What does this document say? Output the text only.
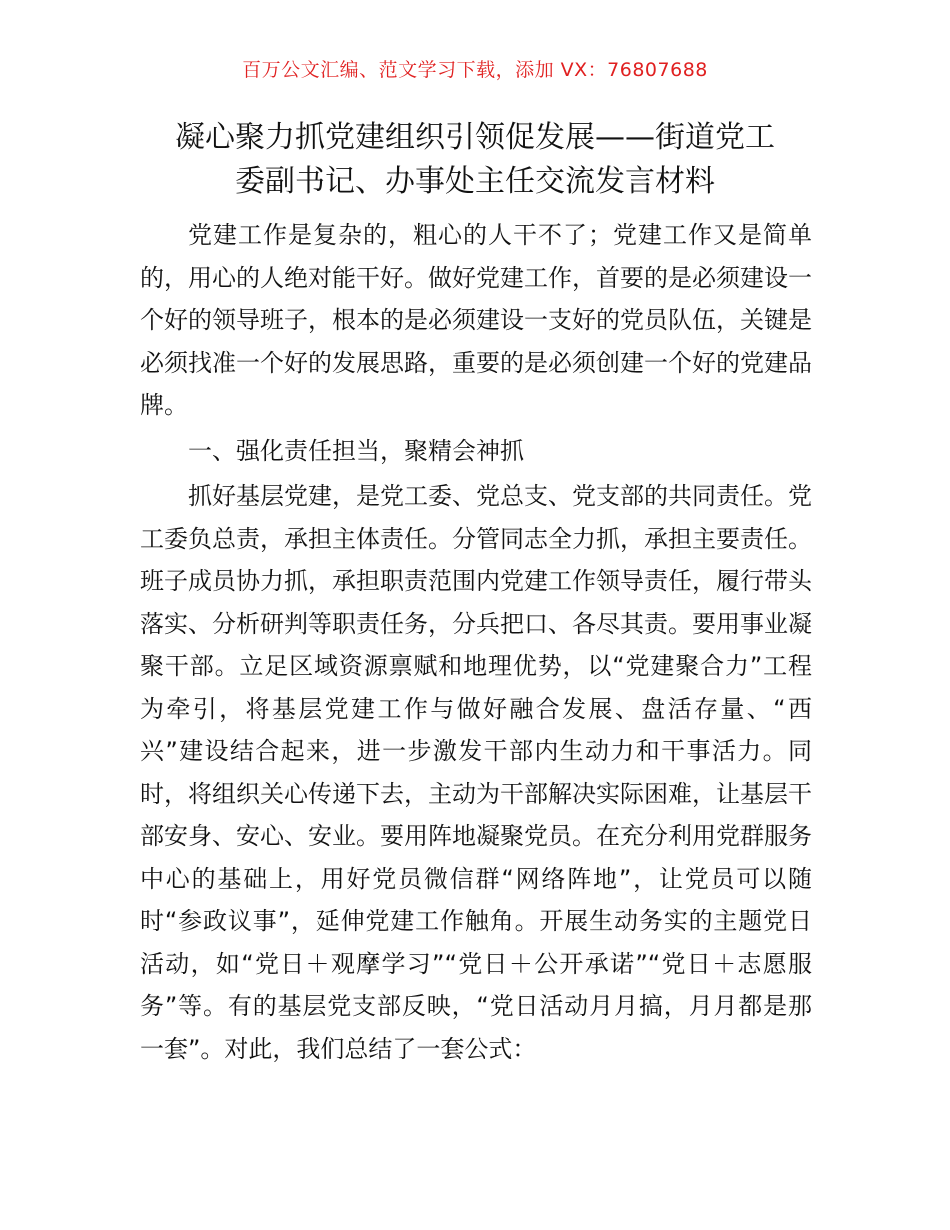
百万公文汇编、范文学习下载，添加 VX：76807688
凝心聚力抓党建组织引领促发展——街道党工
委副书记、办事处主任交流发言材料

党建工作是复杂的，粗心的人干不了；党建工作又是简单的，用心的人绝对能干好。做好党建工作，首要的是必须建设一个好的领导班子，根本的是必须建设一支好的党员队伍，关键是必须找准一个好的发展思路，重要的是必须创建一个好的党建品牌。

一、强化责任担当，聚精会神抓

抓好基层党建，是党工委、党总支、党支部的共同责任。党工委负总责，承担主体责任。分管同志全力抓，承担主要责任。班子成员协力抓，承担职责范围内党建工作领导责任，履行带头落实、分析研判等职责任务，分兵把口、各尽其责。要用事业凝聚干部。立足区域资源禀赋和地理优势，以“党建聚合力”工程为牵引，将基层党建工作与做好融合发展、盘活存量、“西兴”建设结合起来，进一步激发干部内生动力和干事活力。同时，将组织关心传递下去，主动为干部解决实际困难，让基层干部安身、安心、安业。要用阵地凝聚党员。在充分利用党群服务中心的基础上，用好党员微信群“网络阵地”，让党员可以随时“参政议事”，延伸党建工作触角。开展生动务实的主题党日活动，如“党日＋观摩学习”“党日＋公开承诺”“党日＋志愿服务”等。有的基层党支部反映，“党日活动月月搞，月月都是那一套”。对此，我们总结了一套公式：
